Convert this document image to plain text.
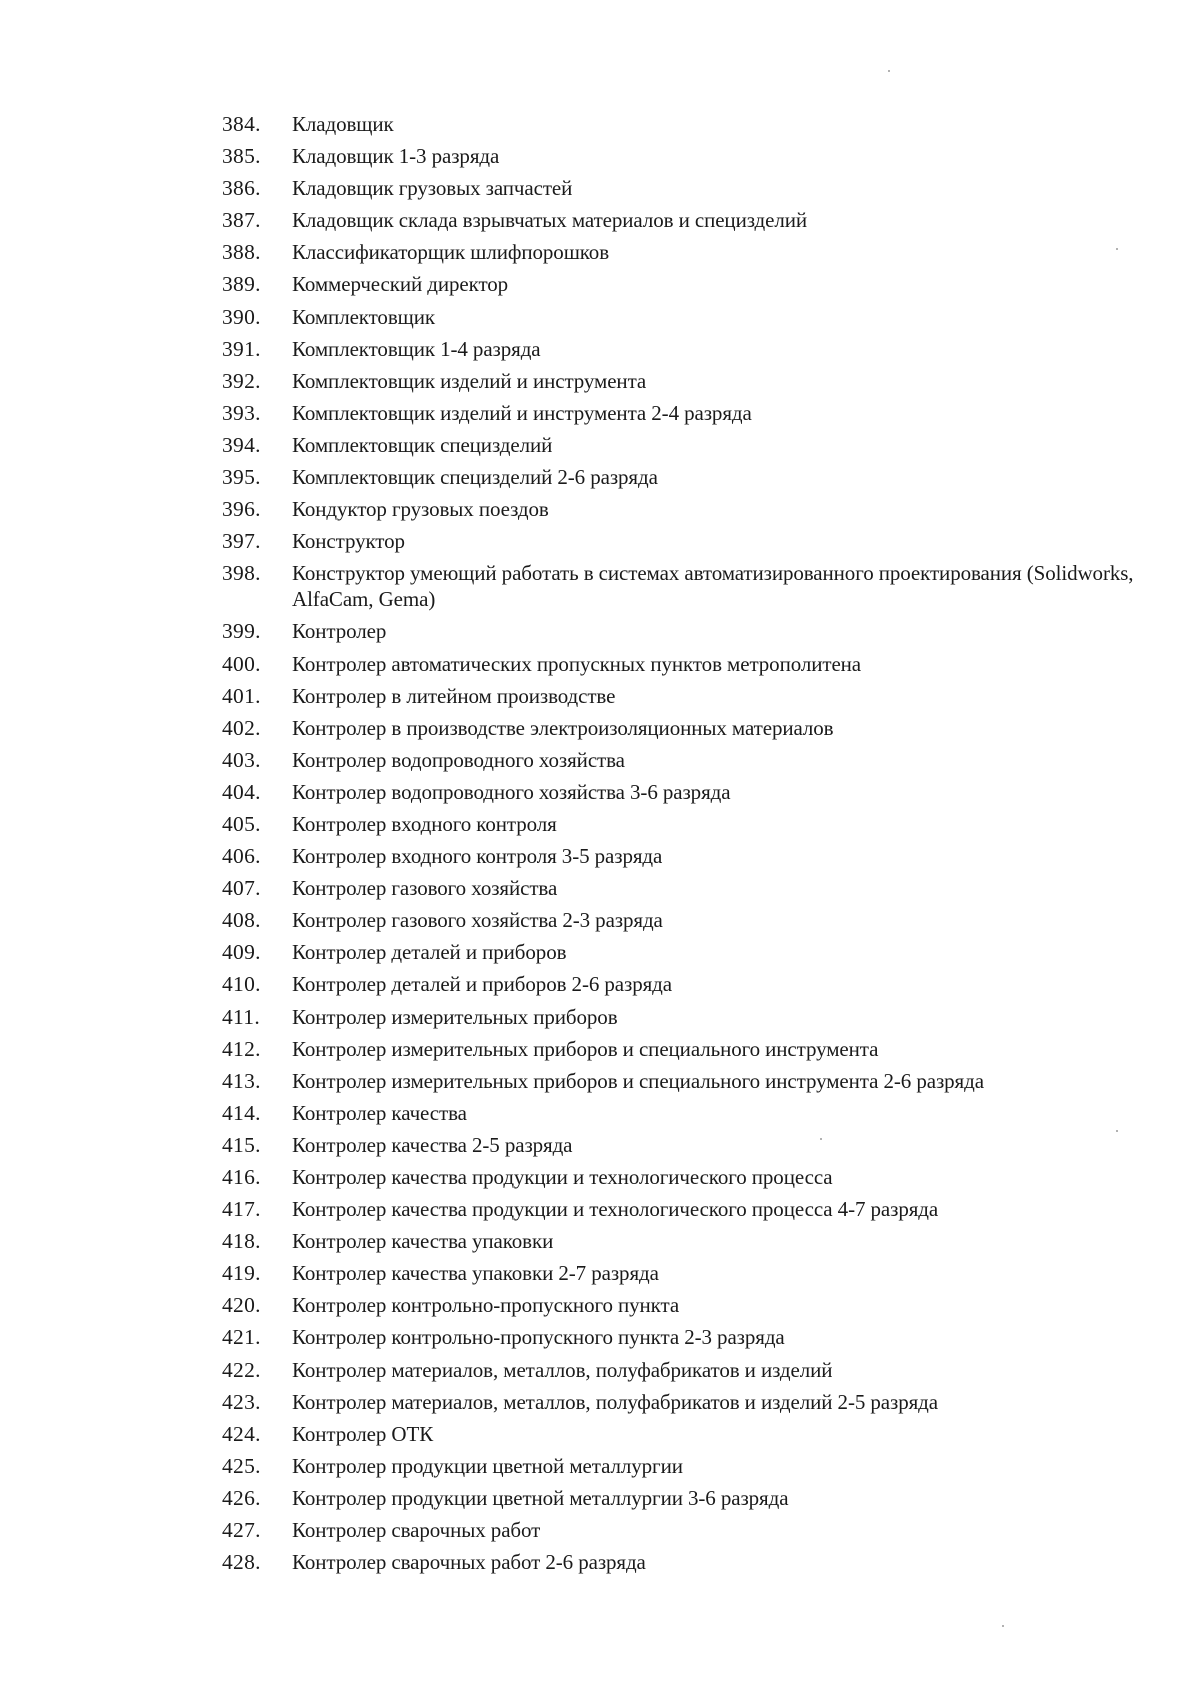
384.	Кладовщик
385.	Кладовщик 1-3 разряда
386.	Кладовщик грузовых запчастей
387.	Кладовщик склада взрывчатых материалов и специзделий
388.	Классификаторщик шлифпорошков
389.	Коммерческий директор
390.	Комплектовщик
391.	Комплектовщик 1-4 разряда
392.	Комплектовщик изделий и инструмента
393.	Комплектовщик изделий и инструмента 2-4 разряда
394.	Комплектовщик специзделий
395.	Комплектовщик специзделий 2-6 разряда
396.	Кондуктор грузовых поездов
397.	Конструктор
398.	Конструктор умеющий работать в системах автоматизированного проектирования (Solidworks, AlfaCam, Gema)
399.	Контролер
400.	Контролер автоматических пропускных пунктов метрополитена
401.	Контролер в литейном производстве
402.	Контролер в производстве электроизоляционных материалов
403.	Контролер водопроводного хозяйства
404.	Контролер водопроводного хозяйства 3-6 разряда
405.	Контролер входного контроля
406.	Контролер входного контроля 3-5 разряда
407.	Контролер газового хозяйства
408.	Контролер газового хозяйства 2-3 разряда
409.	Контролер деталей и приборов
410.	Контролер деталей и приборов 2-6 разряда
411.	Контролер измерительных приборов
412.	Контролер измерительных приборов и специального инструмента
413.	Контролер измерительных приборов и специального инструмента 2-6 разряда
414.	Контролер качества
415.	Контролер качества 2-5 разряда
416.	Контролер качества продукции и технологического процесса
417.	Контролер качества продукции и технологического процесса 4-7 разряда
418.	Контролер качества упаковки
419.	Контролер качества упаковки 2-7 разряда
420.	Контролер контрольно-пропускного пункта
421.	Контролер контрольно-пропускного пункта 2-3 разряда
422.	Контролер материалов, металлов, полуфабрикатов и изделий
423.	Контролер материалов, металлов, полуфабрикатов и изделий 2-5 разряда
424.	Контролер ОТК
425.	Контролер продукции цветной металлургии
426.	Контролер продукции цветной металлургии 3-6 разряда
427.	Контролер сварочных работ
428.	Контролер сварочных работ 2-6 разряда
